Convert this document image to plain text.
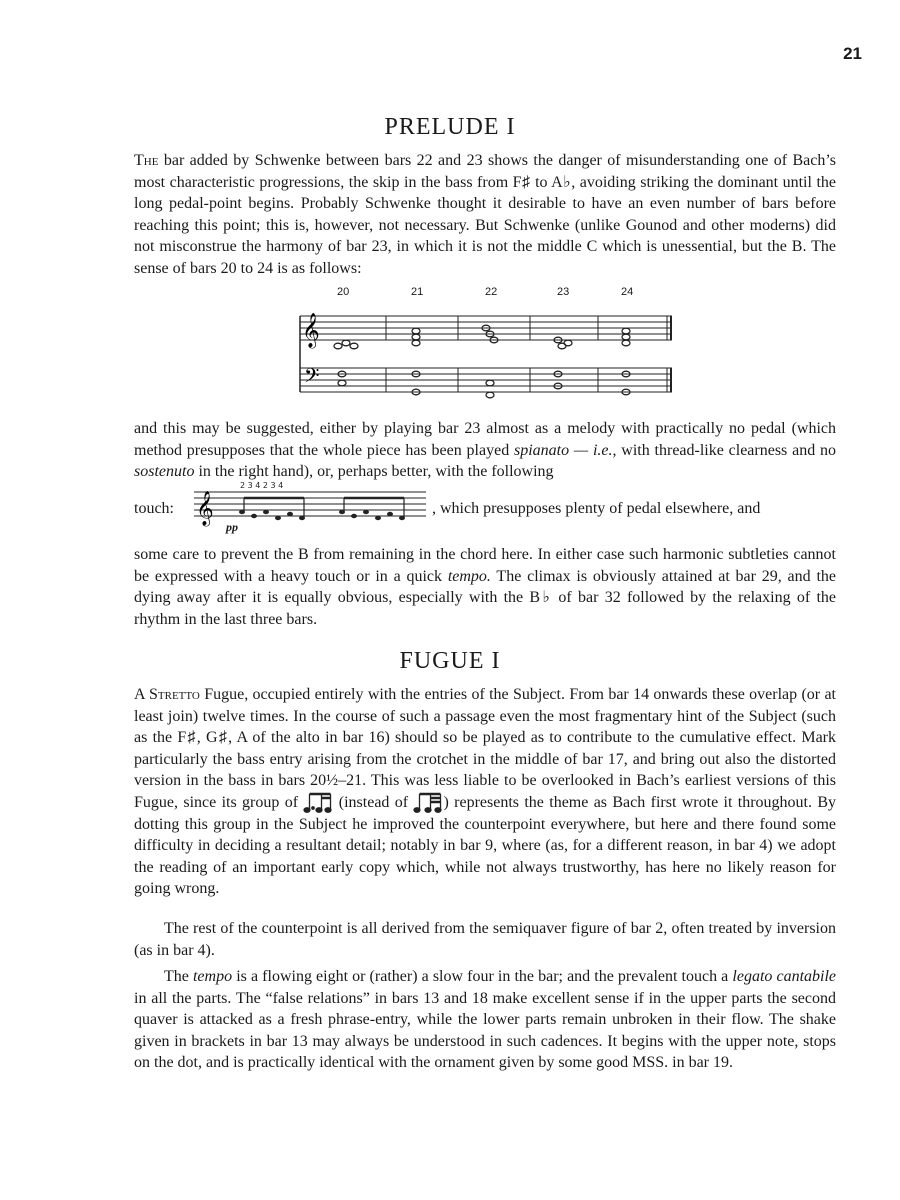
21
PRELUDE I

The bar added by Schwenke between bars 22 and 23 shows the danger of misunderstanding one of Bach’s most characteristic progressions, the skip in the bass from F♯ to A♭, avoiding striking the dominant until the long pedal-point begins. Probably Schwenke thought it desirable to have an even number of bars before reaching this point; this is, however, not necessary. But Schwenke (unlike Gounod and other moderns) did not misconstrue the harmony of bar 23, in which it is not the middle C which is unessential, but the B. The sense of bars 20 to 24 is as follows:

20	21	22	23	24
𝄞
𝄢

and this may be suggested, either by playing bar 23 almost as a melody with practically no pedal (which method presupposes that the whole piece has been played spianato — i.e., with thread-like clearness and no sostenuto in the right hand), or, perhaps better, with the following

touch: 𝄞
2 3 4 2 3 4
pp
, which presupposes plenty of pedal elsewhere, and

some care to prevent the B from remaining in the chord here. In either case such harmonic subtleties cannot be expressed with a heavy touch or in a quick tempo. The climax is obviously attained at bar 29, and the dying away after it is equally obvious, especially with the B♭ of bar 32 followed by the relaxing of the rhythm in the last three bars.

FUGUE I

A Stretto Fugue, occupied entirely with the entries of the Subject. From bar 14 onwards these overlap (or at least join) twelve times. In the course of such a passage even the most fragmentary hint of the Subject (such as the F♯, G♯, A of the alto in bar 16) should so be played as to contribute to the cumulative effect. Mark particularly the bass entry arising from the crotchet in the middle of bar 17, and bring out also the distorted version in the bass in bars 20½–21. This was less liable to be overlooked in Bach’s earliest versions of this Fugue, since its group of  (instead of ) represents the theme as Bach first wrote it throughout. By dotting this group in the Subject he improved the counterpoint everywhere, but here and there found some difficulty in deciding a resultant detail; notably in bar 9, where (as, for a different reason, in bar 4) we adopt the reading of an important early copy which, while not always trustworthy, has here no likely reason for going wrong.

The rest of the counterpoint is all derived from the semiquaver figure of bar 2, often treated by inversion (as in bar 4).

The tempo is a flowing eight or (rather) a slow four in the bar; and the prevalent touch a legato cantabile in all the parts. The “false relations” in bars 13 and 18 make excellent sense if in the upper parts the second quaver is attacked as a fresh phrase-entry, while the lower parts remain unbroken in their flow. The shake given in brackets in bar 13 may always be understood in such cadences. It begins with the upper note, stops on the dot, and is practically identical with the ornament given by some good MSS. in bar 19.
